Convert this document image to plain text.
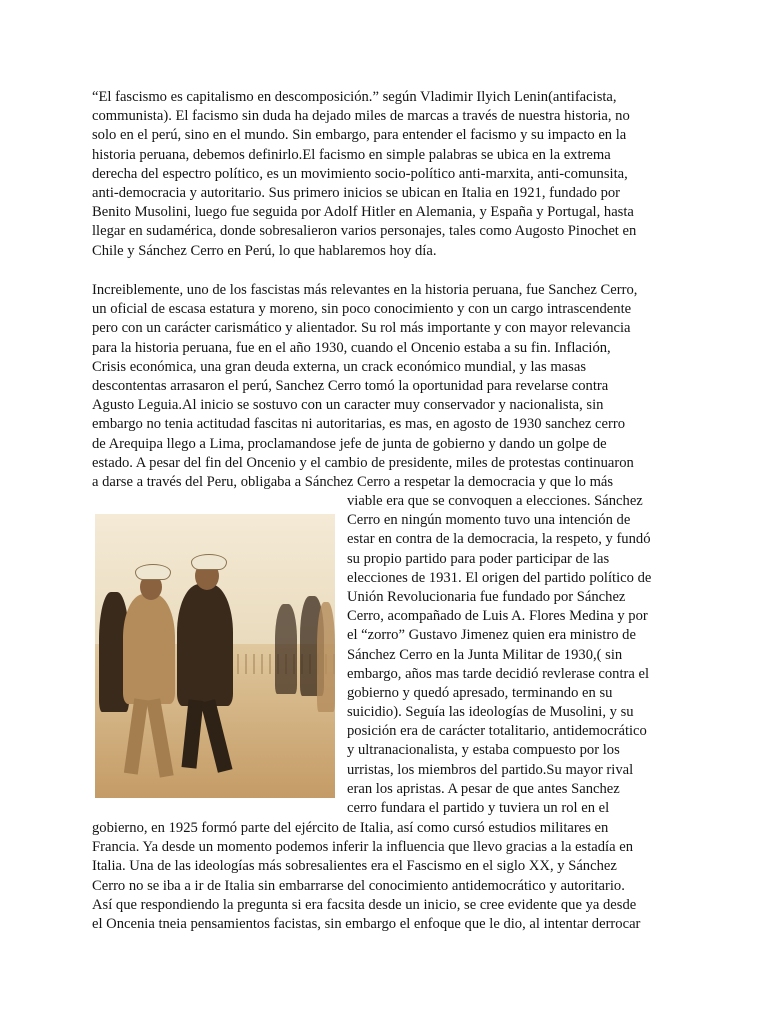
“El fascismo es capitalismo en descomposición.” según Vladimir Ilyich Lenin(antifacista,
communista). El facismo sin duda ha dejado miles de marcas a través de nuestra historia, no
solo en el perú, sino en el mundo. Sin embargo, para entender el facismo y su impacto en la
historia peruana, debemos definirlo.El facismo en simple palabras se ubica en la extrema
derecha del espectro político, es un movimiento socio-político anti-marxita, anti-comunsita,
anti-democracia y autoritario. Sus primero inicios se ubican en Italia en 1921, fundado por
Benito Musolini, luego fue seguida por Adolf Hitler en Alemania, y España y Portugal, hasta
llegar en sudamérica, donde sobresalieron varios personajes, tales como Augosto Pinochet en
Chile y Sánchez Cerro en Perú, lo que hablaremos hoy día.
Increiblemente, uno de los fascistas más relevantes en la historia peruana, fue Sanchez Cerro,
un oficial de escasa estatura y moreno, sin poco conocimiento y con un cargo intrascendente
pero con un carácter carismático y alientador. Su rol más importante y con mayor relevancia
para la historia peruana, fue en el año 1930, cuando el Oncenio estaba a su fin. Inflación,
Crisis económica, una gran deuda externa, un crack económico mundial, y las masas
descontentas arrasaron el perú, Sanchez Cerro tomó la oportunidad para revelarse contra
Agusto Leguia.Al inicio se sostuvo con un caracter muy conservador y nacionalista, sin
embargo no tenia actitudad fascitas ni autoritarias, es mas, en agosto de 1930 sanchez cerro
de Arequipa llego a Lima, proclamandose jefe de junta de gobierno y dando un golpe de
estado. A pesar del fin del Oncenio y el cambio de presidente, miles de protestas continuaron
a darse a través del Peru, obligaba a Sánchez Cerro a respetar la democracia y que lo más
viable era que se convoquen a elecciones. Sánchez
Cerro en ningún momento tuvo una intención de
estar en contra de la democracia, la respeto, y fundó
su propio partido para poder participar de las
elecciones de 1931. El origen del partido político de
Unión Revolucionaria fue fundado por Sánchez
Cerro, acompañado de Luis A. Flores Medina y por
el “zorro” Gustavo Jimenez quien era ministro de
Sánchez Cerro en la Junta Militar de 1930,( sin
embargo, años mas tarde decidió revlerase contra el
gobierno y quedó apresado, terminando en su
suicidio). Seguía las ideologías de Musolini, y su
posición era de carácter totalitario, antidemocrático
y ultranacionalista, y estaba compuesto por los
urristas, los miembros del partido.Su mayor rival
eran los apristas. A pesar de que antes Sanchez
cerro fundara el partido y tuviera un rol en el
gobierno, en 1925 formó parte del ejército de Italia, así como cursó estudios militares en
Francia. Ya desde un momento podemos inferir la influencia que llevo gracias a la estadía en
Italia. Una de las ideologías más sobresalientes era el Fascismo en el siglo XX, y Sánchez
Cerro no se iba a ir de Italia sin embarrarse del conocimiento antidemocrático y autoritario.
Así que respondiendo la pregunta si era facsita desde un inicio, se cree evidente que ya desde
el Oncenia tneia pensamientos facistas, sin embargo el enfoque que le dio, al intentar derrocar
